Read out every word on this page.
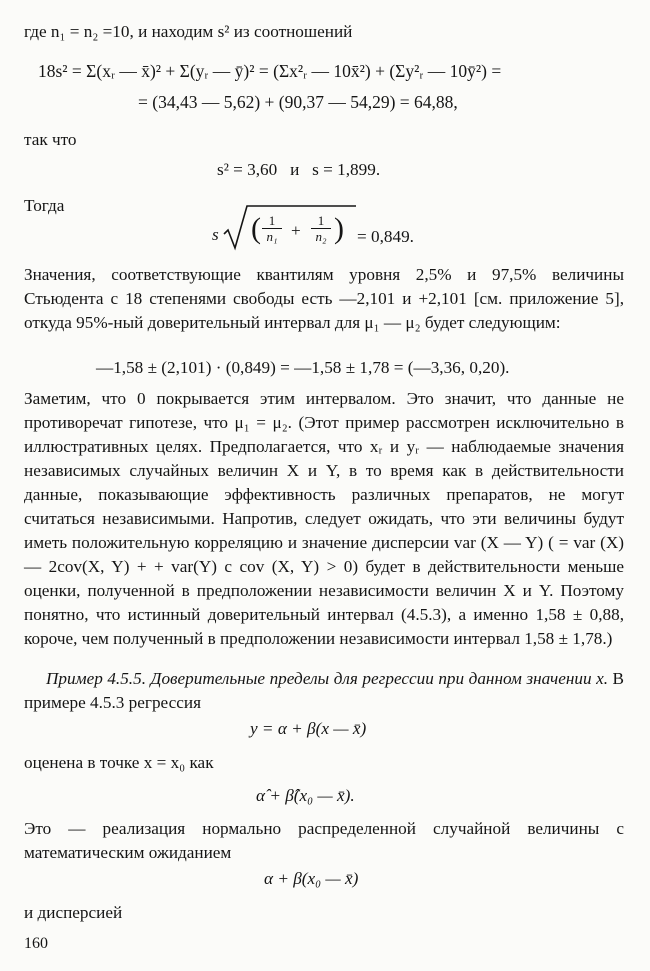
где n₁ = n₂ =10, и находим s² из соотношений

18s² = Σ(xᵣ — x̄)² + Σ(yᵣ — ȳ)² = (Σx²ᵣ — 10x̄²) + (Σy²ᵣ — 10ȳ²) =
= (34,43 — 5,62) + (90,37 — 54,29) = 64,88,

так что

s² = 3,60   и   s = 1,899.

Тогда

s ( $\frac{1}{\text{n₁}} + \frac{1}{\text{n₂}}$ ) = 0,849.

Значения, соответствующие квантилям уровня 2,5% и 97,5% величины Стьюдента с 18 степенями свободы есть —2,101 и +2,101 [см. приложение 5], откуда 95%-ный доверительный интервал для μ₁ — μ₂ будет следующим:

—1,58 ± (2,101) · (0,849) = —1,58 ± 1,78 = (—3,36, 0,20).

Заметим, что 0 покрывается этим интервалом. Это значит, что данные не противоречат гипотезе, что μ₁ = μ₂. (Этот пример рассмотрен исключительно в иллюстративных целях. Предполагается, что xᵣ и yᵣ — наблюдаемые значения независимых случайных величин X и Y, в то время как в действительности данные, показывающие эффективность различных препаратов, не могут считаться независимыми. Напротив, следует ожидать, что эти величины будут иметь положительную корреляцию и значение дисперсии var (X — Y) ( = var (X) — 2cov(X, Y) + + var(Y) с cov (X, Y) > 0) будет в действительности меньше оценки, полученной в предположении независимости величин X и Y. Поэтому понятно, что истинный доверительный интервал (4.5.3), а именно 1,58 ± 0,88, короче, чем полученный в предположении независимости интервал 1,58 ± 1,78.)

Пример 4.5.5. Доверительные пределы для регрессии при данном значении x. В примере 4.5.3 регрессия

y = α + β(x — x̄)

оценена в точке x = x₀ как

α̂ + β̂(x₀ — x̄).

Это — реализация нормально распределенной случайной величины с математическим ожиданием

α + β(x₀ — x̄)

и дисперсией

160
